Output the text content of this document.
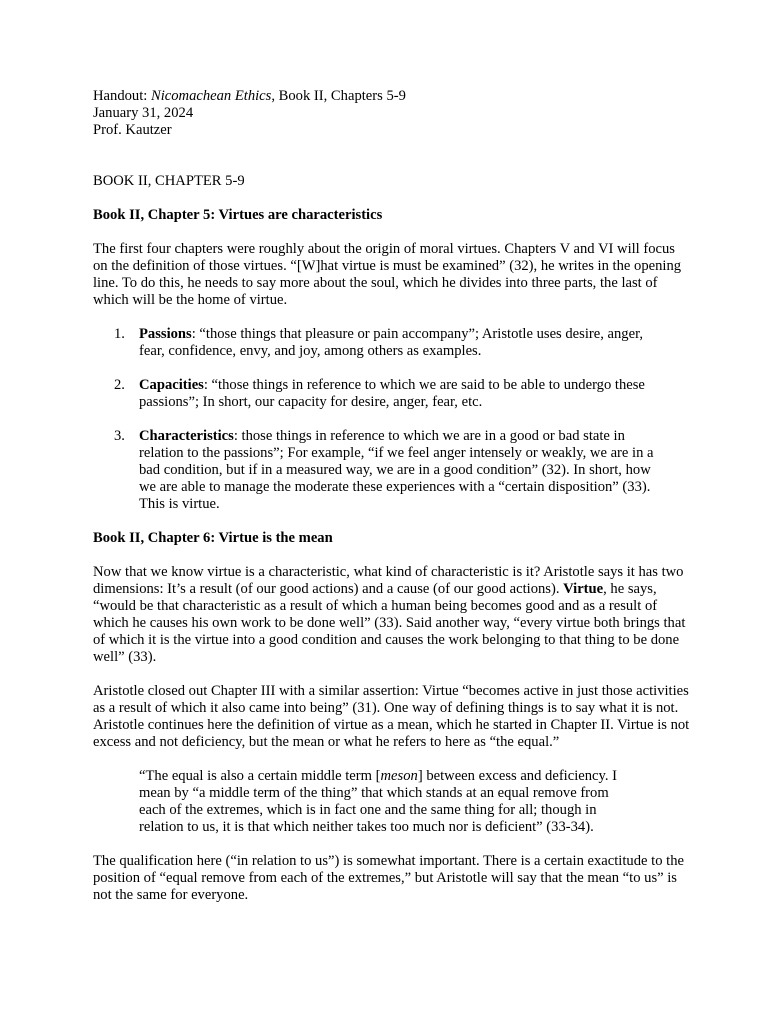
Handout: Nicomachean Ethics, Book II, Chapters 5-9

January 31, 2024

Prof. Kautzer

BOOK II, CHAPTER 5-9

Book II, Chapter 5: Virtues are characteristics

The first four chapters were roughly about the origin of moral virtues. Chapters V and VI will focus on the definition of those virtues. “[W]hat virtue is must be examined” (32), he writes in the opening line. To do this, he needs to say more about the soul, which he divides into three parts, the last of which will be the home of virtue.

1. Passions: “those things that pleasure or pain accompany”; Aristotle uses desire, anger, fear, confidence, envy, and joy, among others as examples.
2. Capacities: “those things in reference to which we are said to be able to undergo these passions”; In short, our capacity for desire, anger, fear, etc.
3. Characteristics: those things in reference to which we are in a good or bad state in relation to the passions”; For example, “if we feel anger intensely or weakly, we are in a bad condition, but if in a measured way, we are in a good condition” (32). In short, how we are able to manage the moderate these experiences with a “certain disposition” (33). This is virtue.

Book II, Chapter 6: Virtue is the mean

Now that we know virtue is a characteristic, what kind of characteristic is it? Aristotle says it has two dimensions: It’s a result (of our good actions) and a cause (of our good actions). Virtue, he says, “would be that characteristic as a result of which a human being becomes good and as a result of which he causes his own work to be done well” (33). Said another way, “every virtue both brings that of which it is the virtue into a good condition and causes the work belonging to that thing to be done well” (33).

Aristotle closed out Chapter III with a similar assertion: Virtue “becomes active in just those activities as a result of which it also came into being” (31). One way of defining things is to say what it is not. Aristotle continues here the definition of virtue as a mean, which he started in Chapter II. Virtue is not excess and not deficiency, but the mean or what he refers to here as “the equal.”

“The equal is also a certain middle term [meson] between excess and deficiency. I mean by “a middle term of the thing” that which stands at an equal remove from each of the extremes, which is in fact one and the same thing for all; though in relation to us, it is that which neither takes too much nor is deficient” (33-34).

The qualification here (“in relation to us”) is somewhat important. There is a certain exactitude to the position of “equal remove from each of the extremes,” but Aristotle will say that the mean “to us” is not the same for everyone.
